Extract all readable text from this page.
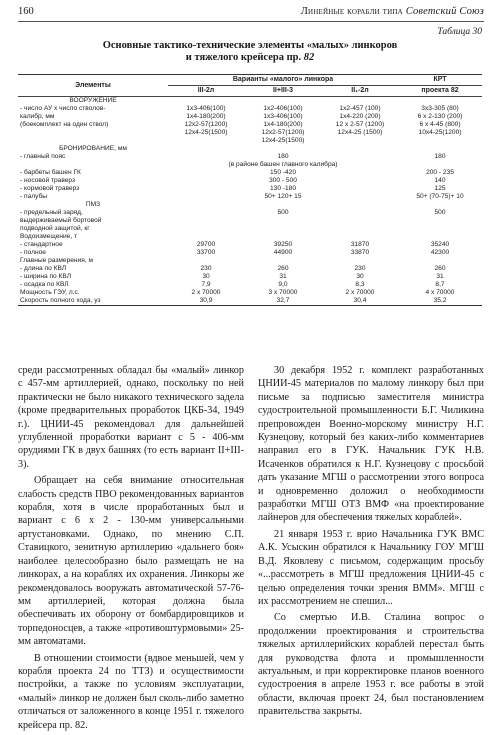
160	Линейные корабли типа Советский Союз
Таблица 30
Основные тактико-технические элементы «малых» линкоров
и тяжелого крейсера пр. 82
Элементы	Варианты «малого» линкора			КРТ
	III-2л	II+III-3	II₁-2л	проекта 82
ВООРУЖЕНИЕ				
- число АУ х число стволов-	1х3-406(100)	1х2-406(100)	1х2-457 (100)	3х3-305 (80)
калибр, мм	1х4-180(200)	1х3-406(100)	1х4-220 (200)	6 х 2-130 (200)
(боекомплект на один ствол)	12х2-57(1200)	1х4-180(200)	12 х 2-57 (1200)	6 х 4-45 (800)
	12х4-25(1500)	12х2-57(1200)	12х4-25 (1500)	10х4-25(1200)
		12х4-25(1500)		
БРОНИРОВАНИЕ, мм				
- главный пояс		180		180
	(в районе башен главного калибра)			
- барбеты башен ГК		150 -420		200 - 235
- носовой траверз		300 - 500		140
- кормовой траверз		130 -180		125
- палубы		50+ 120+ 15		50+ (70-75)+ 10
ПМЗ				
- предельный заряд,		500		500
выдерживаемый бортовой				
подводной защитой, кг				
Водоизмещение, т				
- стандартное	29700	39250	31870	35240
- полное	33700	44900	33870	42300
Главные размерения, м				
- длина по КВЛ	230	260	230	260
- ширина по КВЛ	30	31	30	31
- осадка по КВЛ	7,9	9,0	8,3	8,7
Мощность ГЭУ, л.с.	2 х 70000	3 х 70000	2 х 70000	4 х 70000
Скорость полного хода, уз	30,9	32,7	30,4	35,2

среди рассмотренных обладал бы «малый» линкор с 457-мм артиллерией, однако, поскольку по ней практически не было никакого технического задела (кроме предварительных проработок ЦКБ-34, 1949 г.). ЦНИИ-45 рекомендовал для дальнейшей углубленной проработки вариант с 5 - 406-мм орудиями ГК в двух башнях (то есть вариант II+III-3).

Обращает на себя внимание относительная слабость средств ПВО рекомендованных вариантов корабля, хотя в числе проработанных был и вариант с 6 х 2 - 130-мм универсальными артустановками. Однако, по мнению С.П. Ставицкого, зенитную артиллерию «дальнего боя» наиболее целесообразно было размещать не на линкорах, а на кораблях их охранения. Линкоры же рекомендовалось вооружать автоматической 57-76-мм артиллерией, которая должна была обеспечивать их оборону от бомбардировщиков и торпедоносцев, а также «противоштурмовыми» 25-мм автоматами.

В отношении стоимости (вдвое меньшей, чем у корабля проекта 24 по ТТЗ) и осуществимости постройки, а также по условиям эксплуатации, «малый» линкор не должен был сколь-либо заметно отличаться от заложенного в конце 1951 г. тяжелого крейсера пр. 82.

30 декабря 1952 г. комплект разработанных ЦНИИ-45 материалов по малому линкору был при письме за подписью заместителя министра судостроительной промышленности Б.Г. Чиликина препровожден Военно-морскому министру Н.Г. Кузнецову, который без каких-либо комментариев направил его в ГУК. Начальник ГУК Н.В. Исаченков обратился к Н.Г. Кузнецову с просьбой дать указание МГШ о рассмотрении этого вопроса и одновременно доложил о необходимости разработки МГШ ОТЗ ВМФ «на проектирование лайнеров для обеспечения тяжелых кораблей».

21 января 1953 г. врио Начальника ГУК ВМС А.К. Усыскин обратился к Начальнику ГОУ МГШ В.Д. Яковлеву с письмом, содержащим просьбу «...рассмотреть в МГШ предложения ЦНИИ-45 с целью определения точки зрения ВММ». МГШ с их рассмотрением не спешил...

Со смертью И.В. Сталина вопрос о продолжении проектирования и строительства тяжелых артиллерийских кораблей перестал быть для руководства флота и промышленности актуальным, и при корректировке планов военного судостроения в апреле 1953 г. все работы в этой области, включая проект 24, был постановлением правительства закрыты.
